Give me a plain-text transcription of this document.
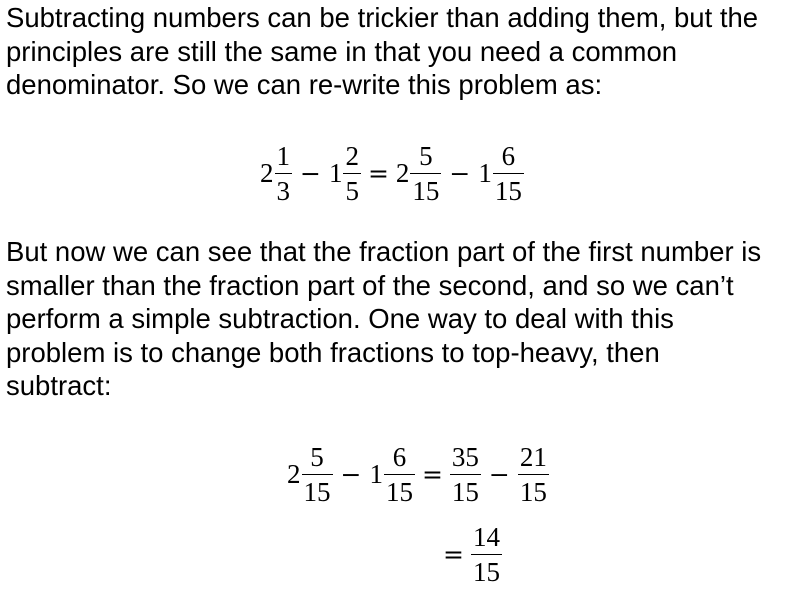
Subtracting numbers can be trickier than adding them, but the
principles are still the same in that you need a common
denominator. So we can re-write this problem as:

$2 \frac{1}{3} - 1 \frac{2}{5} = 2 \frac{5}{15} - 1 \frac{6}{15}$

But now we can see that the fraction part of the first number is
smaller than the fraction part of the second, and so we can’t
perform a simple subtraction. One way to deal with this
problem is to change both fractions to top-heavy, then
subtract:

$2 \frac{5}{15} - 1 \frac{6}{15} = \frac{35}{15} - \frac{21}{15}$
= $\frac{14}{15}$
